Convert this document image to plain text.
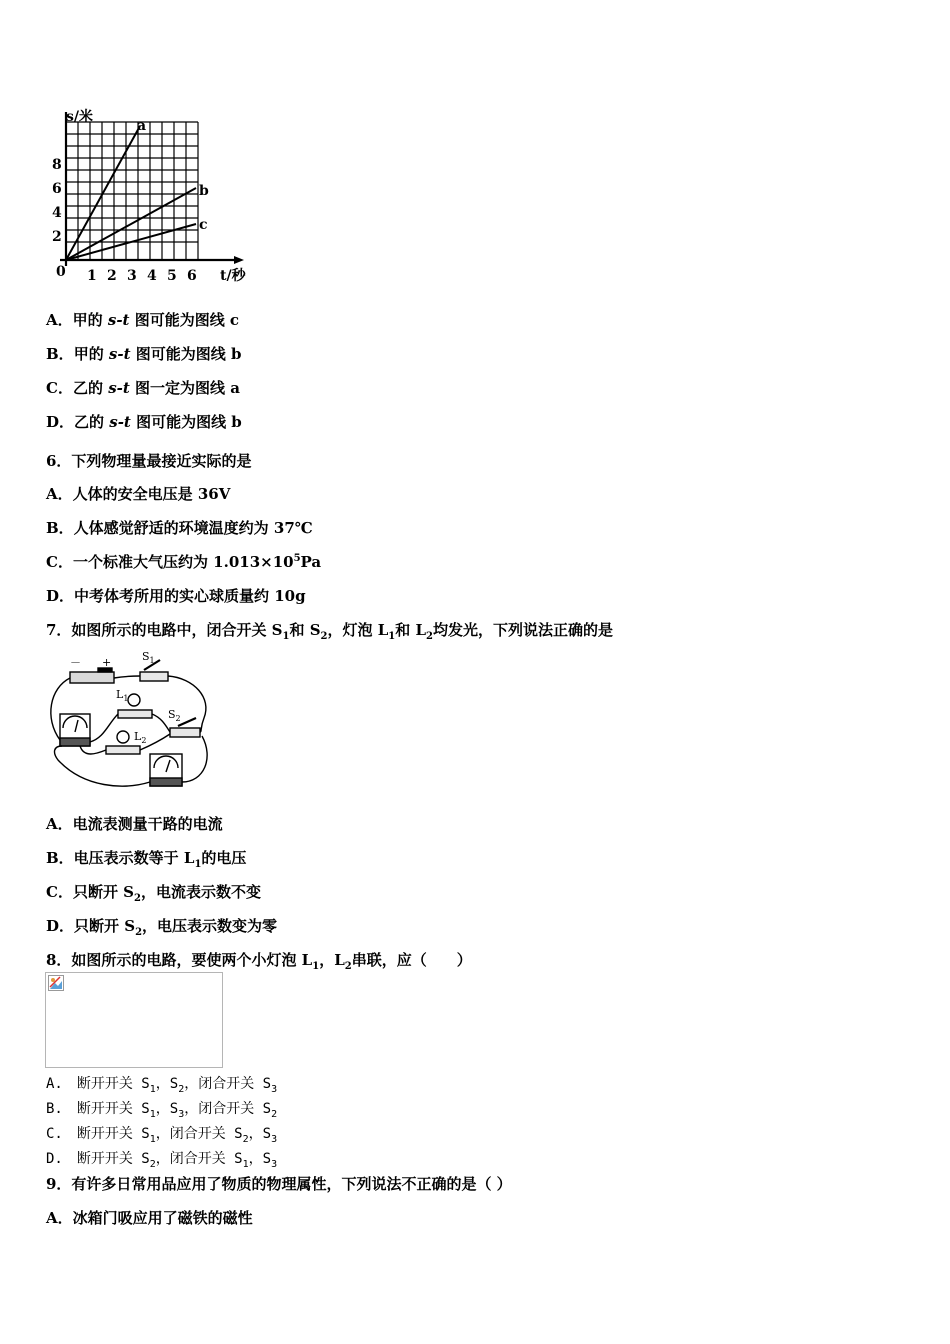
s/米
t/秒
0
2
4
6
8
1 2 3 4 5 6
a
b
c
A．甲的 s-t 图可能为图线 c
B．甲的 s-t 图可能为图线 b
C．乙的 s-t 图一定为图线 a
D．乙的 s-t 图可能为图线 b
6．下列物理量最接近实际的是
A．人体的安全电压是 36V
B．人体感觉舒适的环境温度约为 37℃
C．一个标准大气压约为 $1.013\times 10^5Pa$
D．中考体考所用的实心球质量约 10g
7．如图所示的电路中，闭合开关 $S_1$和 $S_2$，灯泡 $L_1$和 $L_2$均发光，下列说法正确的是
－ +	$S_1$
$L_1$
$S_2$
$L_2$
A．电流表测量干路的电流
B．电压表示数等于 $L_1$的电压
C．只断开 $S_2$，电流表示数不变
D．只断开 $S_2$，电压表示数变为零
8．如图所示的电路，要使两个小灯泡 $L_1$，$L_2$串联，应（　　）
A.　断开开关 $S_1$，$S_2$，闭合开关 $S_3$
B.　断开开关 $S_1$，$S_3$，闭合开关 $S_2$
C.　断开开关 $S_1$，闭合开关 $S_2$，$S_3$
D.　断开开关 $S_2$，闭合开关 $S_1$，$S_3$
9．有许多日常用品应用了物质的物理属性，下列说法不正确的是（ ）
A．冰箱门吸应用了磁铁的磁性
